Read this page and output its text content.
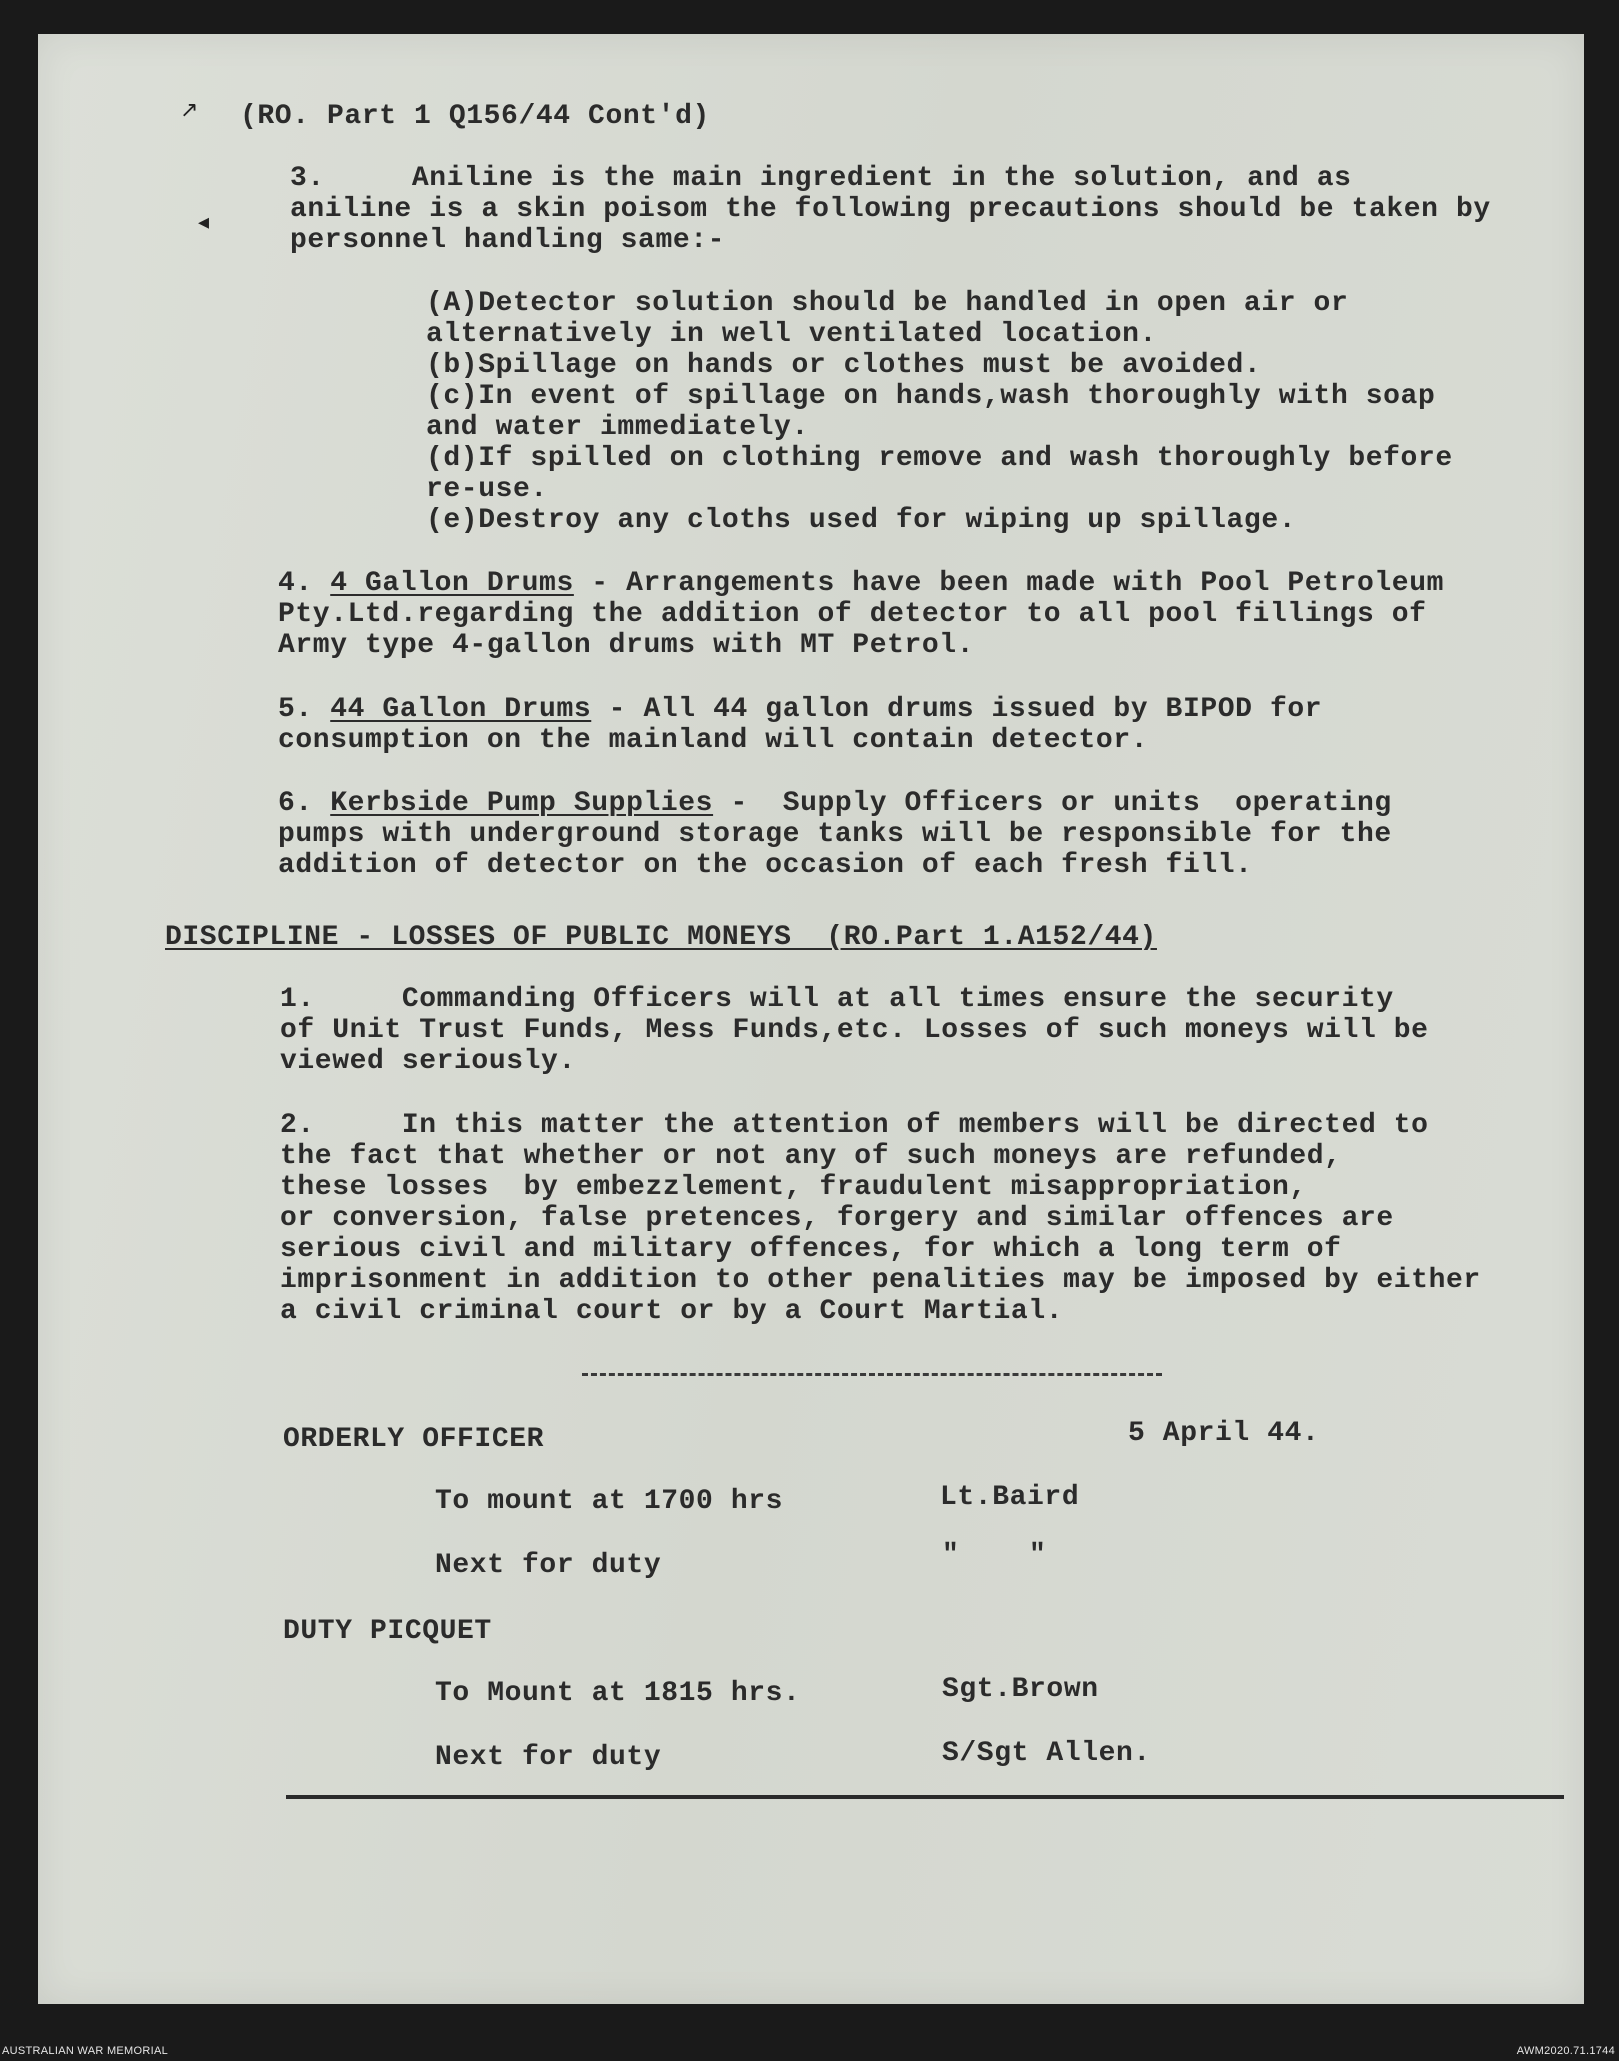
↗
◂
(RO. Part 1 Q156/44 Cont'd)
3.     Aniline is the main ingredient in the solution, and as
aniline is a skin poisom the following precautions should be taken by
personnel handling same:-
(A)Detector solution should be handled in open air or
alternatively in well ventilated location.
(b)Spillage on hands or clothes must be avoided.
(c)In event of spillage on hands,wash thoroughly with soap
and water immediately.
(d)If spilled on clothing remove and wash thoroughly before
re-use.
(e)Destroy any cloths used for wiping up spillage.
4. 4 Gallon Drums - Arrangements have been made with Pool Petroleum
Pty.Ltd.regarding the addition of detector to all pool fillings of
Army type 4-gallon drums with MT Petrol.
5. 44 Gallon Drums - All 44 gallon drums issued by BIPOD for
consumption on the mainland will contain detector.
6. Kerbside Pump Supplies -  Supply Officers or units  operating
pumps with underground storage tanks will be responsible for the
addition of detector on the occasion of each fresh fill.
DISCIPLINE - LOSSES OF PUBLIC MONEYS  (RO.Part 1.A152/44)
1.     Commanding Officers will at all times ensure the security
of Unit Trust Funds, Mess Funds,etc. Losses of such moneys will be
viewed seriously.
2.     In this matter the attention of members will be directed to
the fact that whether or not any of such moneys are refunded,
these losses  by embezzlement, fraudulent misappropriation,
or conversion, false pretences, forgery and similar offences are
serious civil and military offences, for which a long term of
imprisonment in addition to other penalities may be imposed by either
a civil criminal court or by a Court Martial.
ORDERLY OFFICER	5 April 44.
To mount at 1700 hrs	Lt.Baird
Next for duty	"    "
DUTY PICQUET
To Mount at 1815 hrs.	Sgt.Brown
Next for duty	S/Sgt Allen.
AUSTRALIAN WAR MEMORIAL	AWM2020.71.1744
